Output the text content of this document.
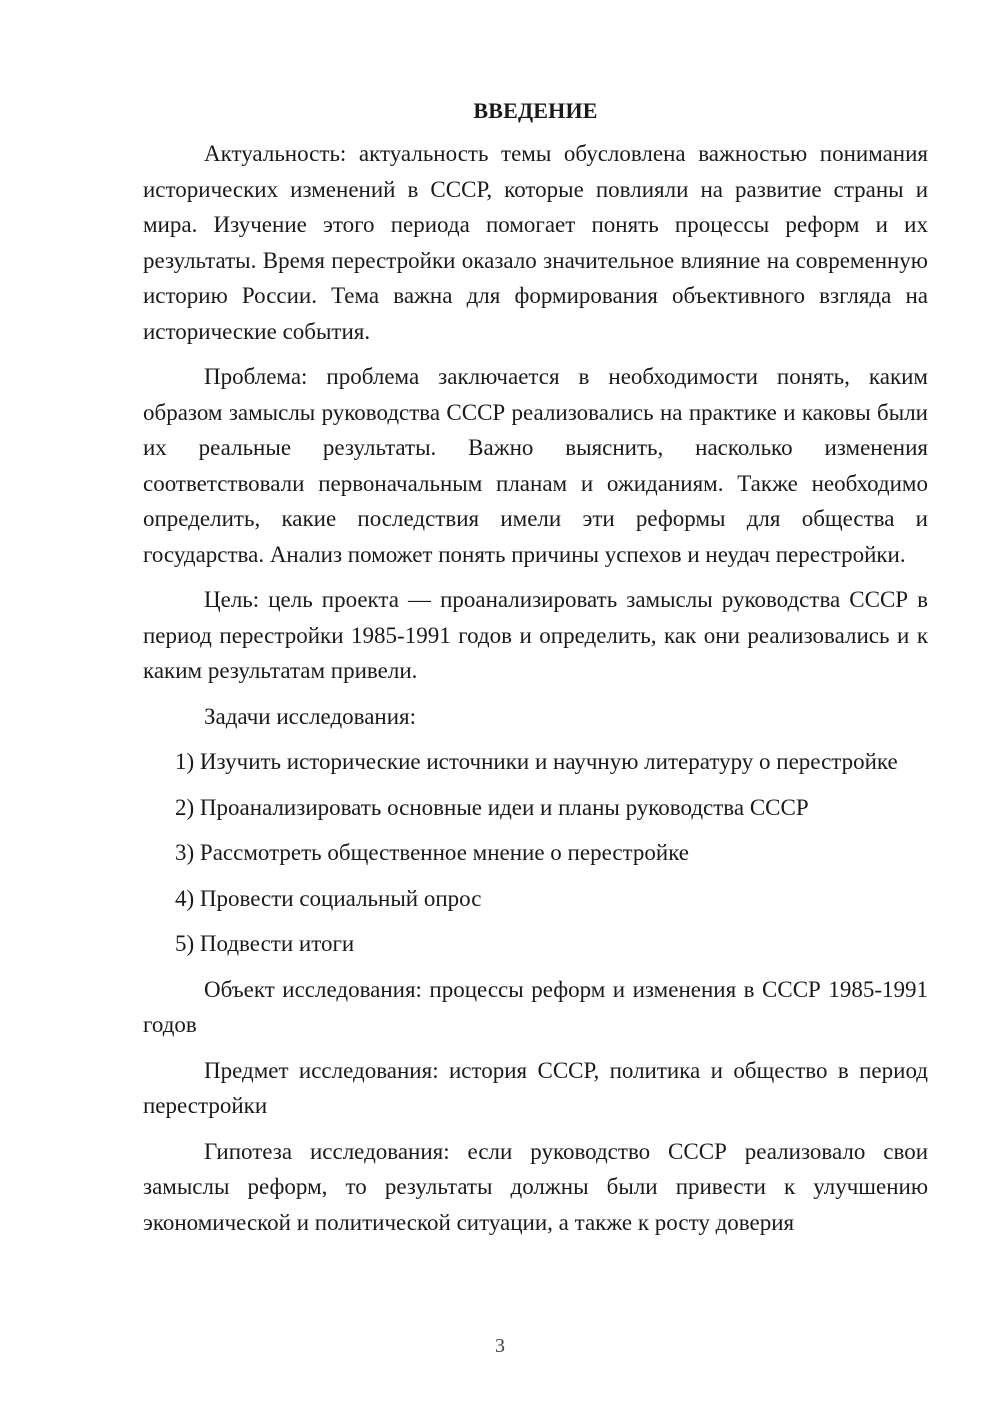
ВВЕДЕНИЕ

Актуальность: актуальность темы обусловлена важностью понимания исторических изменений в СССР, которые повлияли на развитие страны и мира. Изучение этого периода помогает понять процессы реформ и их результаты. Время перестройки оказало значительное влияние на современную историю России. Тема важна для формирования объективного взгляда на исторические события.

Проблема: проблема заключается в необходимости понять, каким образом замыслы руководства СССР реализовались на практике и каковы были их реальные результаты. Важно выяснить, насколько изменения соответствовали первоначальным планам и ожиданиям. Также необходимо определить, какие последствия имели эти реформы для общества и государства. Анализ поможет понять причины успехов и неудач перестройки.

Цель: цель проекта — проанализировать замыслы руководства СССР в период перестройки 1985-1991 годов и определить, как они реализовались и к каким результатам привели.

Задачи исследования:

1) Изучить исторические источники и научную литературу о перестройке

2) Проанализировать основные идеи и планы руководства СССР

3) Рассмотреть общественное мнение о перестройке

4) Провести социальный опрос

5) Подвести итоги

Объект исследования: процессы реформ и изменения в СССР 1985-1991 годов

Предмет исследования: история СССР, политика и общество в период перестройки

Гипотеза исследования: если руководство СССР реализовало свои замыслы реформ, то результаты должны были привести к улучшению экономической и политической ситуации, а также к росту доверия

3
